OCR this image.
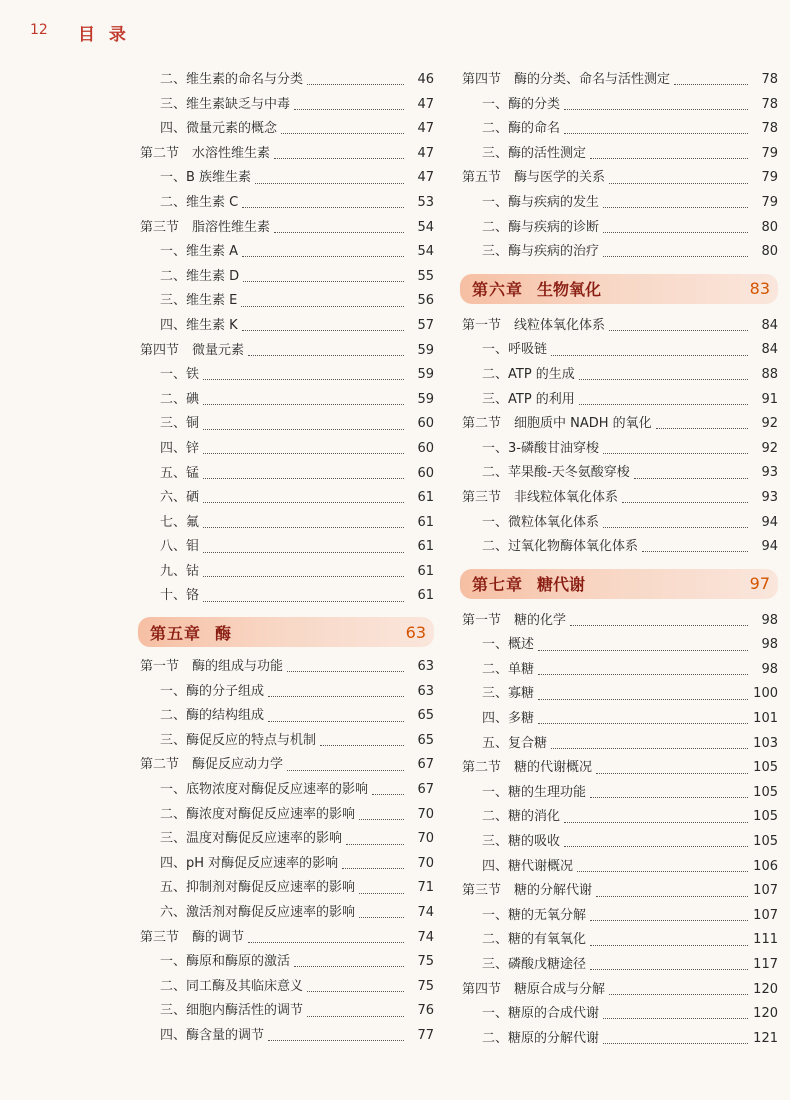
12 目 录
二、维生素的命名与分类	46
三、维生素缺乏与中毒	47
四、微量元素的概念	47
第二节　水溶性维生素	47
一、B 族维生素	47
二、维生素 C	53
第三节　脂溶性维生素	54
一、维生素 A	54
二、维生素 D	55
三、维生素 E	56
四、维生素 K	57
第四节　微量元素	59
一、铁	59
二、碘	59
三、铜	60
四、锌	60
五、锰	60
六、硒	61
七、氟	61
八、钼	61
九、钴	61
十、铬	61
第五章 酶	63
第一节　酶的组成与功能	63
一、酶的分子组成	63
二、酶的结构组成	65
三、酶促反应的特点与机制	65
第二节　酶促反应动力学	67
一、底物浓度对酶促反应速率的影响	67
二、酶浓度对酶促反应速率的影响	70
三、温度对酶促反应速率的影响	70
四、pH 对酶促反应速率的影响	70
五、抑制剂对酶促反应速率的影响	71
六、激活剂对酶促反应速率的影响	74
第三节　酶的调节	74
一、酶原和酶原的激活	75
二、同工酶及其临床意义	75
三、细胞内酶活性的调节	76
四、酶含量的调节	77
第四节　酶的分类、命名与活性测定	78
一、酶的分类	78
二、酶的命名	78
三、酶的活性测定	79
第五节　酶与医学的关系	79
一、酶与疾病的发生	79
二、酶与疾病的诊断	80
三、酶与疾病的治疗	80
第六章 生物氧化	83
第一节　线粒体氧化体系	84
一、呼吸链	84
二、ATP 的生成	88
三、ATP 的利用	91
第二节　细胞质中 NADH 的氧化	92
一、3-磷酸甘油穿梭	92
二、苹果酸-天冬氨酸穿梭	93
第三节　非线粒体氧化体系	93
一、微粒体氧化体系	94
二、过氧化物酶体氧化体系	94
第七章 糖代谢	97
第一节　糖的化学	98
一、概述	98
二、单糖	98
三、寡糖	100
四、多糖	101
五、复合糖	103
第二节　糖的代谢概况	105
一、糖的生理功能	105
二、糖的消化	105
三、糖的吸收	105
四、糖代谢概况	106
第三节　糖的分解代谢	107
一、糖的无氧分解	107
二、糖的有氧氧化	111
三、磷酸戊糖途径	117
第四节　糖原合成与分解	120
一、糖原的合成代谢	120
二、糖原的分解代谢	121
